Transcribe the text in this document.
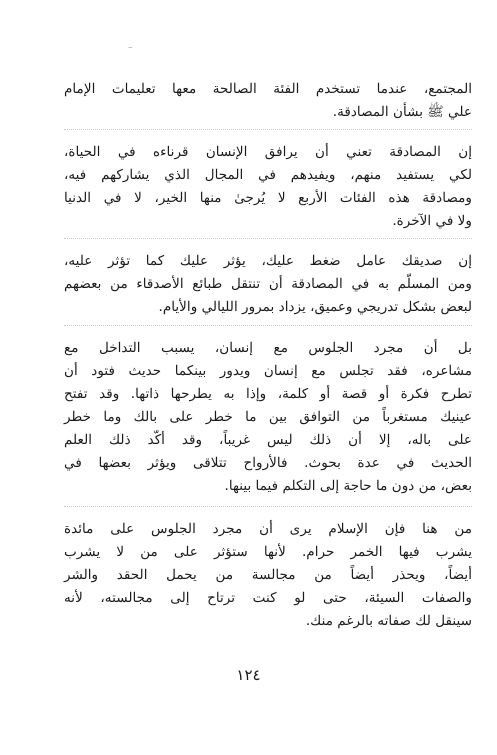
–
المجتمع، عندما تستخدم الفئة الصالحة معها تعليمات الإمام
علي ﷺ بشأن المصادقة.
إن المصادقة تعني أن يرافق الإنسان قرناءه في الحياة،
لكي يستفيد منهم، ويفيدهم في المجال الذي يشاركهم فيه،
ومصادقة هذه الفئات الأربع لا يُرجىٰ منها الخير، لا في الدنيا
ولا في الآخرة.
إن صديقك عامل ضغط عليك، يؤثر عليك كما تؤثر عليه،
ومن المسلّم به في المصادقة أن تنتقل طبائع الأصدقاء من بعضهم
لبعض بشكل تدريجي وعميق، يزداد بمرور الليالي والأيام.
بل أن مجرد الجلوس مع إنسان، يسبب التداخل مع
مشاعره، فقد تجلس مع إنسان ويدور بينكما حديث فتود أن
تطرح فكرة أو قصة أو كلمة، وإذا به يطرحها ذاتها. وقد تفتح
عينيك مستغرباً من التوافق بين ما خطر على بالك وما خطر
على باله، إلا أن ذلك ليس غريباً، وقد أكّد ذلك العلم
الحديث في عدة بحوث. فالأرواح تتلاقى ويؤثر بعضها في
بعض، من دون ما حاجة إلى التكلم فيما بينها.
من هنا فإن الإسلام يرى أن مجرد الجلوس على مائدة
يشرب فيها الخمر حرام. لأنها ستؤثر على من لا يشرب
أيضاً، ويحذر أيضاً من مجالسة من يحمل الحقد والشر
والصفات السيئة، حتى لو كنت ترتاح إلى مجالسته، لأنه
سينقل لك صفاته بالرغم منك.
١٢٤
